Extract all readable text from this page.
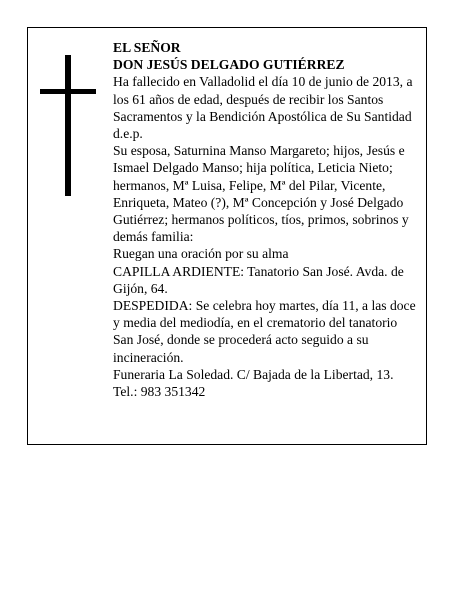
EL SEÑOR

DON JESÚS DELGADO GUTIÉRREZ

Ha fallecido en Valladolid el día 10 de junio de 2013, a los 61 años de edad, después de recibir los Santos Sacramentos y la Bendición Apostólica de Su Santidad d.e.p.

Su esposa, Saturnina Manso Margareto; hijos, Jesús e Ismael Delgado Manso; hija política, Leticia Nieto; hermanos, Mª Luisa, Felipe, Mª del Pilar, Vicente, Enriqueta, Mateo (?), Mª Concepción y José Delgado Gutiérrez; hermanos políticos, tíos, primos, sobrinos y demás familia:

Ruegan una oración por su alma

CAPILLA ARDIENTE: Tanatorio San José. Avda. de Gijón, 64.

DESPEDIDA: Se celebra hoy martes, día 11, a las doce y media del mediodía, en el crematorio del tanatorio San José, donde se procederá acto seguido a su incineración.

Funeraria La Soledad. C/ Bajada de la Libertad, 13.

Tel.: 983 351342
